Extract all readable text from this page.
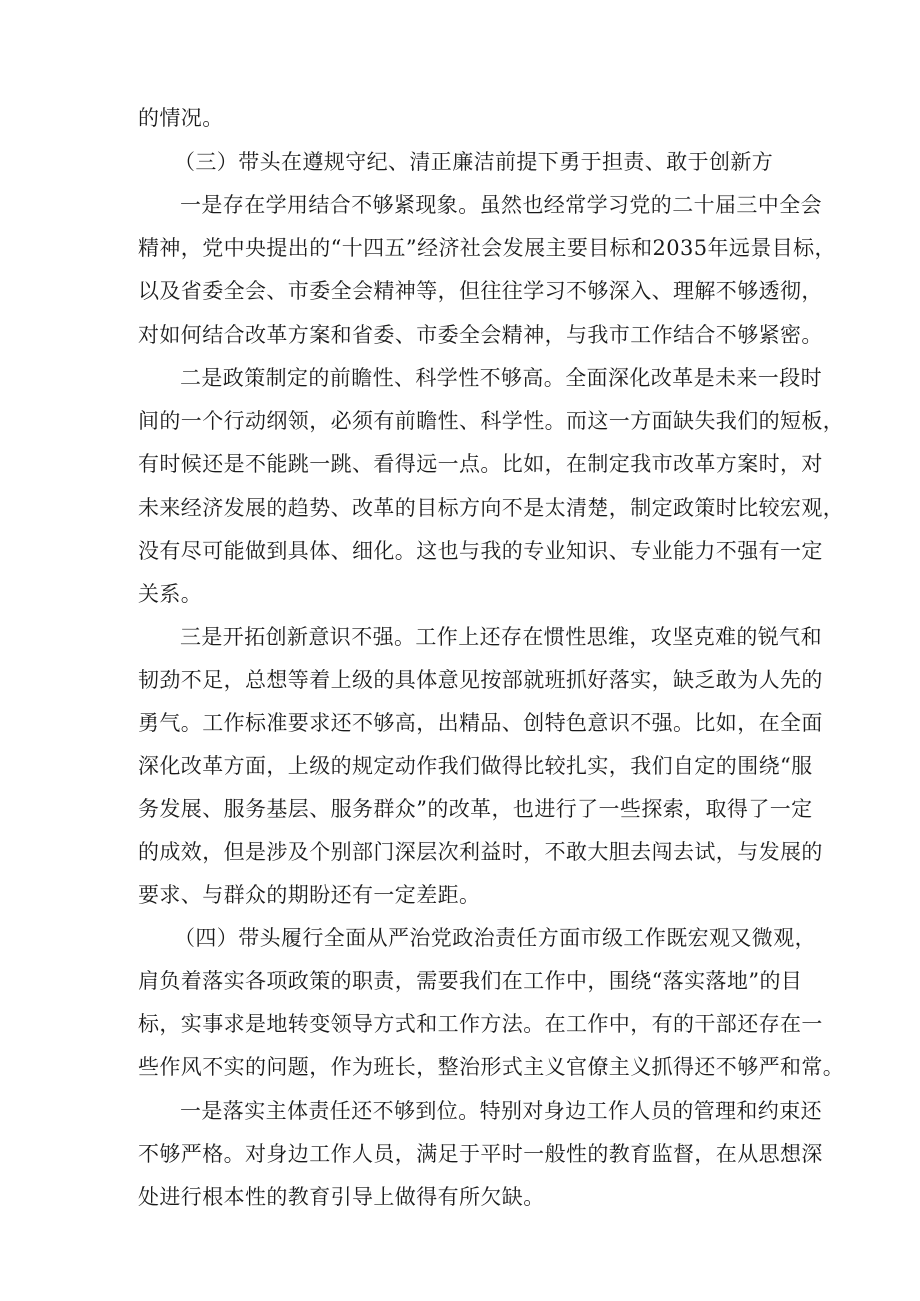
的情况。
（三）带头在遵规守纪、清正廉洁前提下勇于担责、敢于创新方
一是存在学用结合不够紧现象。虽然也经常学习党的二十届三中全会
精神，党中央提出的“十四五”经济社会发展主要目标和2035年远景目标，
以及省委全会、市委全会精神等，但往往学习不够深入、理解不够透彻，
对如何结合改革方案和省委、市委全会精神，与我市工作结合不够紧密。
二是政策制定的前瞻性、科学性不够高。全面深化改革是未来一段时
间的一个行动纲领，必须有前瞻性、科学性。而这一方面缺失我们的短板，
有时候还是不能跳一跳、看得远一点。比如，在制定我市改革方案时，对
未来经济发展的趋势、改革的目标方向不是太清楚，制定政策时比较宏观，
没有尽可能做到具体、细化。这也与我的专业知识、专业能力不强有一定
关系。
三是开拓创新意识不强。工作上还存在惯性思维，攻坚克难的锐气和
韧劲不足，总想等着上级的具体意见按部就班抓好落实，缺乏敢为人先的
勇气。工作标准要求还不够高，出精品、创特色意识不强。比如，在全面
深化改革方面，上级的规定动作我们做得比较扎实，我们自定的围绕“服
务发展、服务基层、服务群众”的改革，也进行了一些探索，取得了一定
的成效，但是涉及个别部门深层次利益时，不敢大胆去闯去试，与发展的
要求、与群众的期盼还有一定差距。
（四）带头履行全面从严治党政治责任方面市级工作既宏观又微观，
肩负着落实各项政策的职责，需要我们在工作中，围绕“落实落地”的目
标，实事求是地转变领导方式和工作方法。在工作中，有的干部还存在一
些作风不实的问题，作为班长，整治形式主义官僚主义抓得还不够严和常。
一是落实主体责任还不够到位。特别对身边工作人员的管理和约束还
不够严格。对身边工作人员，满足于平时一般性的教育监督，在从思想深
处进行根本性的教育引导上做得有所欠缺。
